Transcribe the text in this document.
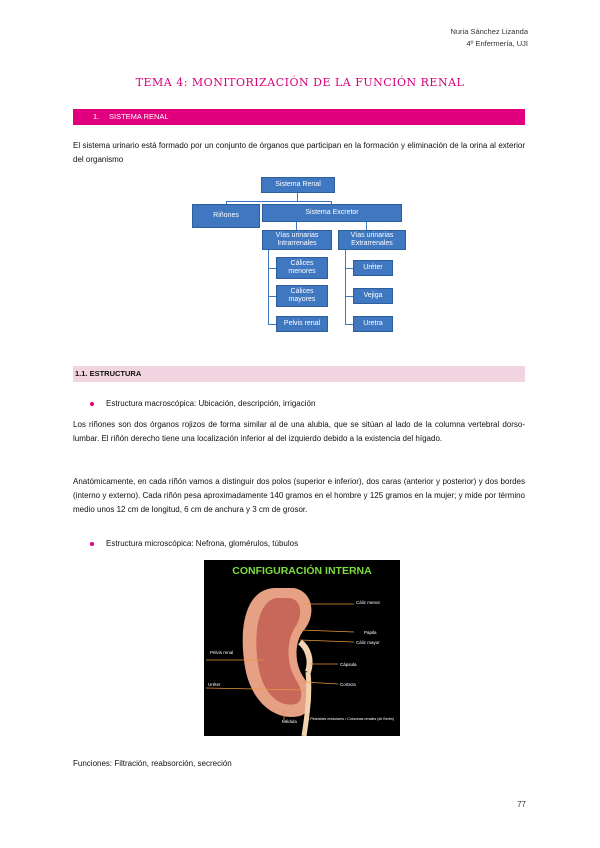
Nuria Sánchez Lizanda
4º Enfermería, UJI
TEMA 4: MONITORIZACIÓN DE LA FUNCIÓN RENAL
1. SISTEMA RENAL
El sistema urinario está formado por un conjunto de órganos que participan en la formación y eliminación de la orina al exterior del organismo
Sistema Renal
Riñones	Sistema Excretor
Vías urinarias Intrarrenales
Vías urinarias Extrarrenales
Cálices menores
Cálices mayores
Pelvis renal
Uréter
Vejiga
Uretra
1.1. ESTRUCTURA
Estructura macroscópica: Ubicación, descripción, irrigación
Los riñones son dos órganos rojizos de forma similar al de una alubia, que se sitúan al lado de la columna vertebral dorso-lumbar. El riñón derecho tiene una localización inferior al del izquierdo debido a la existencia del hígado.
Anatómicamente, en cada riñón vamos a distinguir dos polos (superior e inferior), dos caras (anterior y posterior) y dos bordes (interno y externo). Cada riñón pesa aproximadamente 140 gramos en el hombre y 125 gramos en la mujer; y mide por término medio unos 12 cm de longitud, 6 cm de anchura y 3 cm de grosor.
Estructura microscópica: Nefrona, glomérulos, túbulos
CONFIGURACIÓN INTERNA
Cáliz menor
Papila
Cáliz mayor
Cápsula
Corteza
Pelvis renal
Uréter
Médula	• Pirámides medulares • Columnas renales (de Bertin)
Funciones: Filtración, reabsorción, secreción
77
